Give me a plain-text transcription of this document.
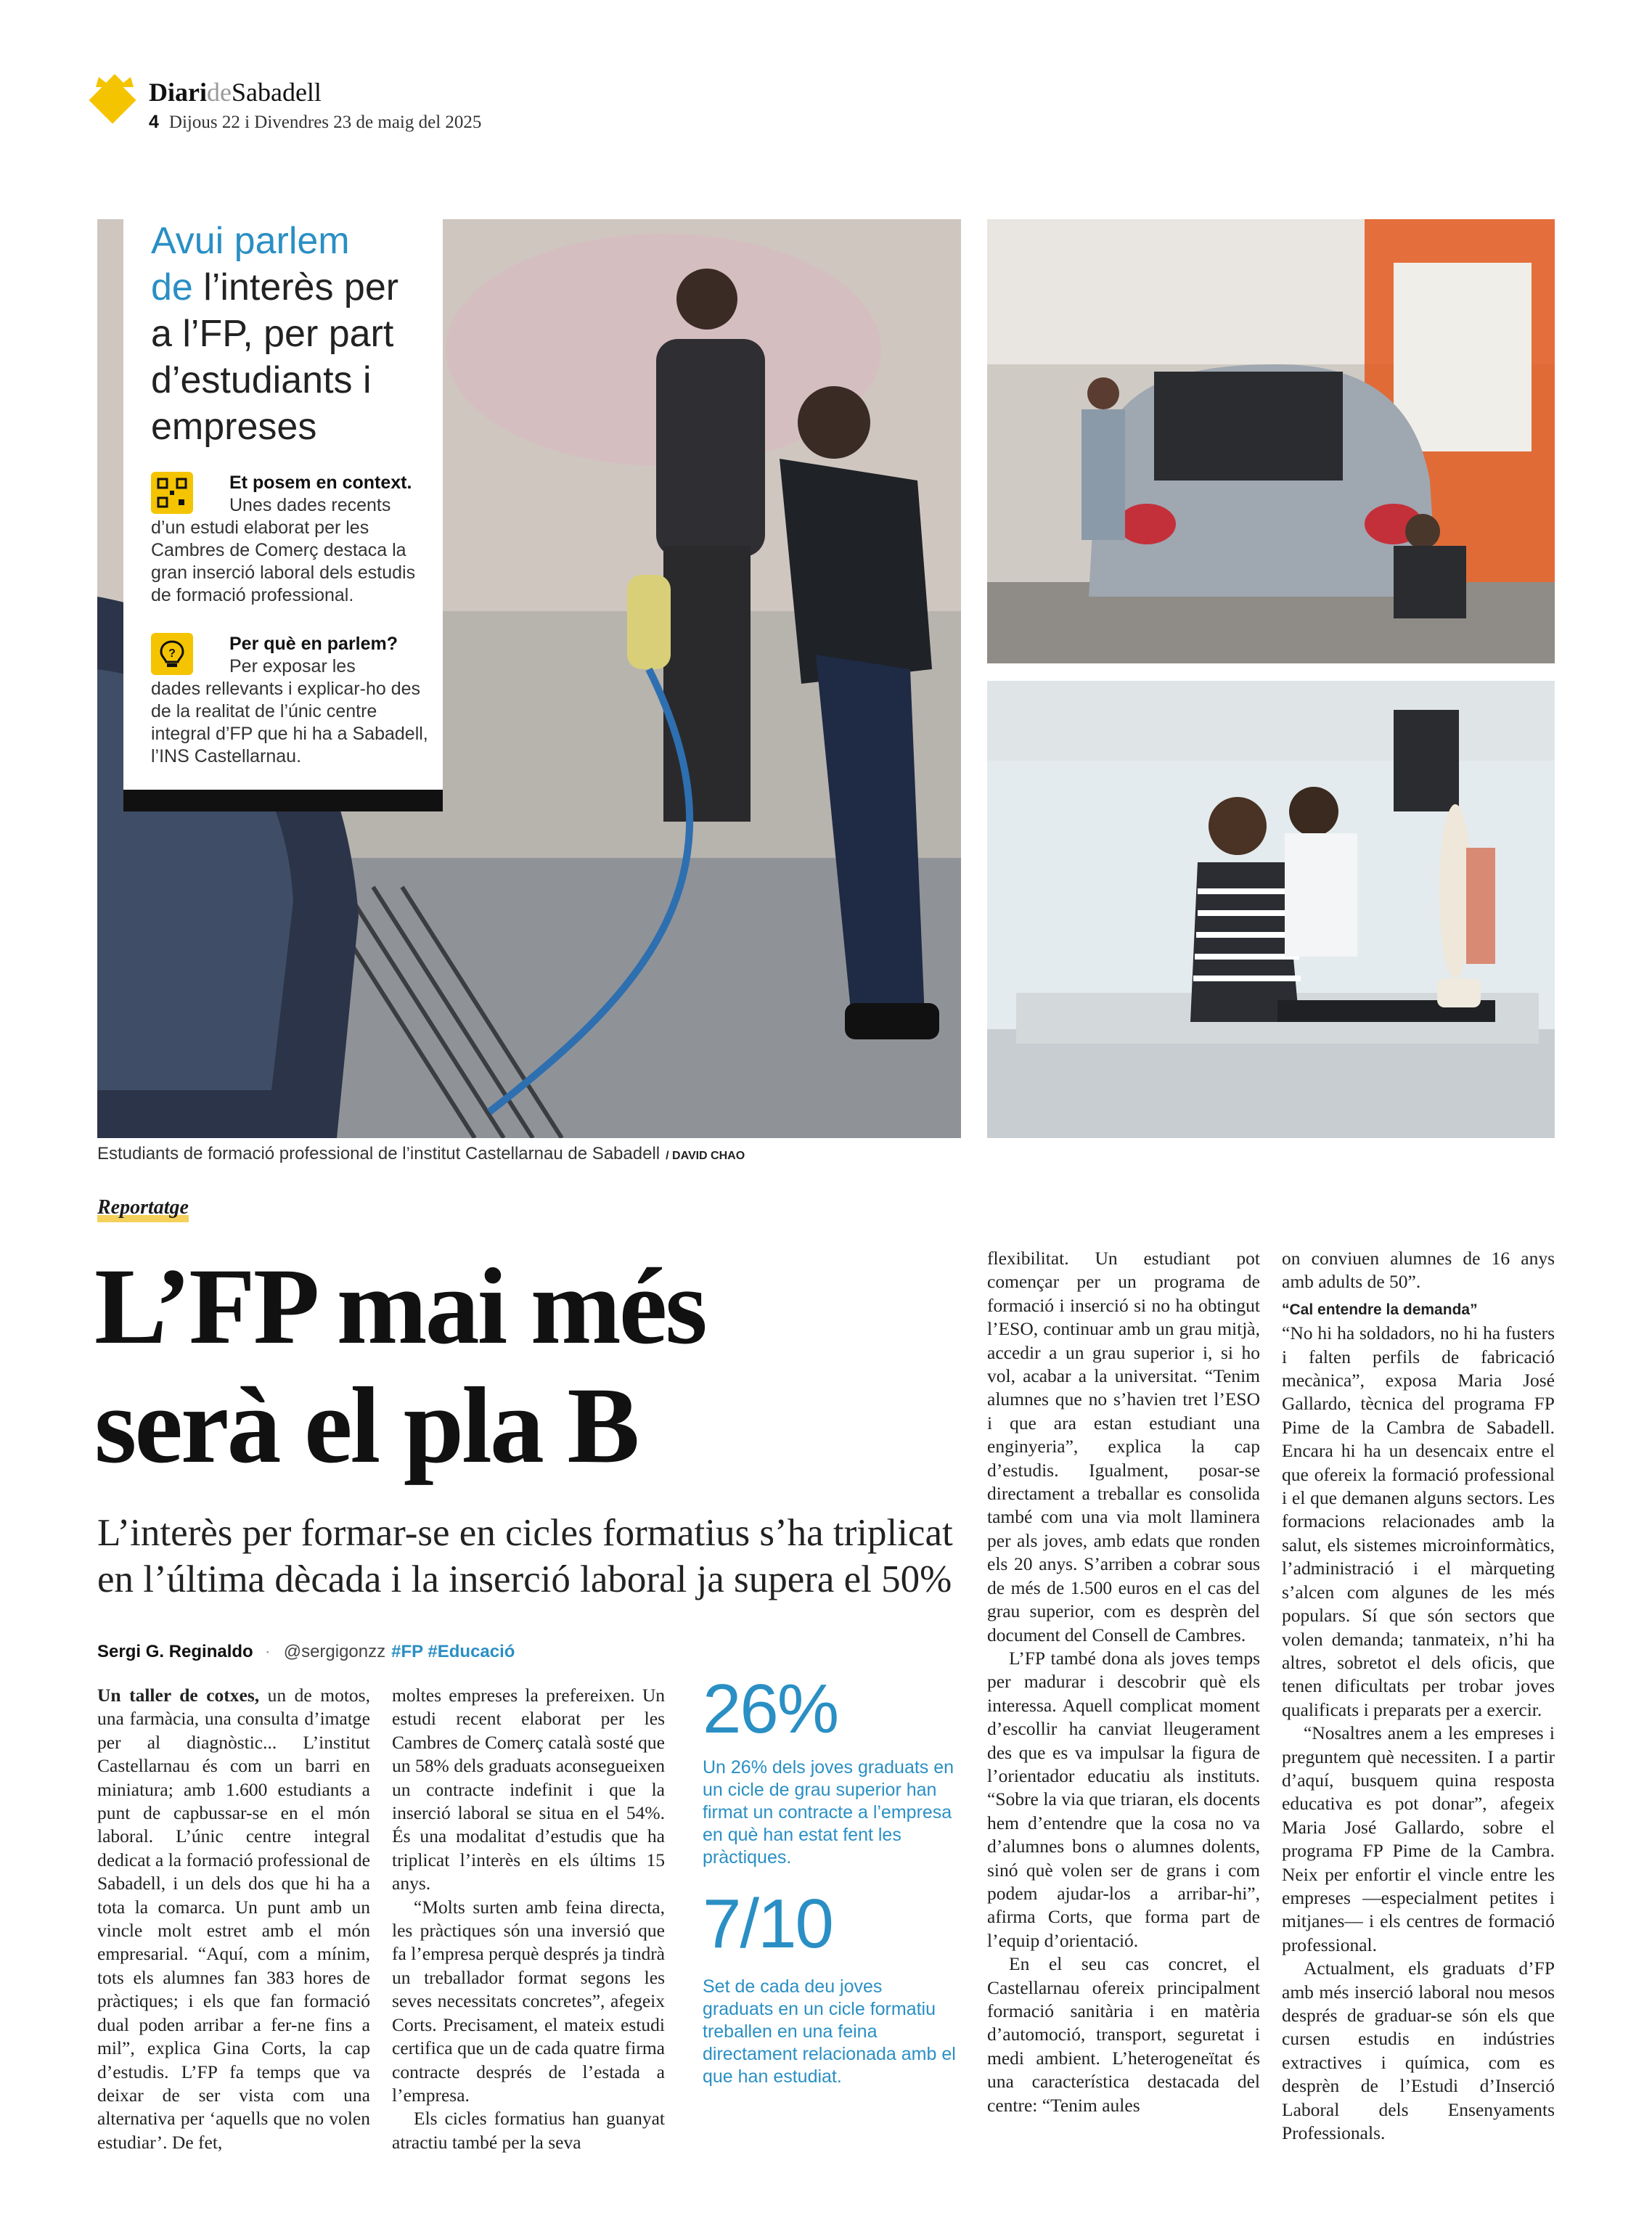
DiarideSabadell
4 Dijous 22 i Divendres 23 de maig del 2025
Avui parlem
de l’interès per
a l’FP, per part
d’estudiants i
empreses
Et posem en context.
Unes dades recents
d’un estudi elaborat per les Cambres de Comerç destaca la gran inserció laboral dels estudis de formació professional.
?	Per què en parlem?
Per exposar les
dades rellevants i explicar-ho des de la realitat de l’únic centre integral d’FP que hi ha a Sabadell, l’INS Castellarnau.
Estudiants de formació professional de l’institut Castellarnau de Sabadell / DAVID CHAO
Reportatge
L’FP mai més
serà el pla B
L’interès per formar-se en cicles formatius s’ha triplicat en l’última dècada i la inserció laboral ja supera el 50%
Sergi G. Reginaldo · @sergigonzz #FP #Educació

Un taller de cotxes, un de motos, una farmàcia, una consulta d’imatge per al diagnòstic... L’institut Castellarnau és com un barri en miniatura; amb 1.600 estudiants a punt de capbussar-se en el món laboral. L’únic centre integral dedicat a la formació professional de Sabadell, i un dels dos que hi ha a tota la comarca. Un punt amb un vincle molt estret amb el món empresarial. “Aquí, com a mínim, tots els alumnes fan 383 hores de pràctiques; i els que fan formació dual poden arribar a fer-ne fins a mil”, explica Gina Corts, la cap d’estudis. L’FP fa temps que va deixar de ser vista com una alternativa per ‘aquells que no volen estudiar’. De fet,

moltes empreses la prefereixen. Un estudi recent elaborat per les Cambres de Comerç català sosté que un 58% dels graduats aconsegueixen un contracte indefinit i que la inserció laboral se situa en el 54%. És una modalitat d’estudis que ha triplicat l’interès en els últims 15 anys.

“Molts surten amb feina directa, les pràctiques són una inversió que fa l’empresa perquè després ja tindrà un treballador format segons les seves necessitats concretes”, afegeix Corts. Precisament, el mateix estudi certifica que un de cada quatre firma contracte després de l’estada a l’empresa.

Els cicles formatius han guanyat atractiu també per la seva

26%
Un 26% dels joves graduats en un cicle de grau superior han firmat un contracte a l’empresa en què han estat fent les pràctiques.
7/10
Set de cada deu joves graduats en un cicle formatiu treballen en una feina directament relacionada amb el que han estudiat.

flexibilitat. Un estudiant pot començar per un programa de formació i inserció si no ha obtingut l’ESO, continuar amb un grau mitjà, accedir a un grau superior i, si ho vol, acabar a la universitat. “Tenim alumnes que no s’havien tret l’ESO i que ara estan estudiant una enginyeria”, explica la cap d’estudis. Igualment, posar-se directament a treballar es consolida també com una via molt llaminera per als joves, amb edats que ronden els 20 anys. S’arriben a cobrar sous de més de 1.500 euros en el cas del grau superior, com es desprèn del document del Consell de Cambres.

L’FP també dona als joves temps per madurar i descobrir què els interessa. Aquell complicat moment d’escollir ha canviat lleugerament des que es va impulsar la figura de l’orientador educatiu als instituts. “Sobre la via que triaran, els docents hem d’entendre que la cosa no va d’alumnes bons o alumnes dolents, sinó què volen ser de grans i com podem ajudar-los a arribar-hi”, afirma Corts, que forma part de l’equip d’orientació.

En el seu cas concret, el Castellarnau ofereix principalment formació sanitària i en matèria d’automoció, transport, seguretat i medi ambient. L’heterogeneïtat és una característica destacada del centre: “Tenim aules

on conviuen alumnes de 16 anys amb adults de 50”.

“Cal entendre la demanda”

“No hi ha soldadors, no hi ha fusters i falten perfils de fabricació mecànica”, exposa Maria José Gallardo, tècnica del programa FP Pime de la Cambra de Sabadell. Encara hi ha un desencaix entre el que ofereix la formació professional i el que demanen alguns sectors. Les formacions relacionades amb la salut, els sistemes microinformàtics, l’administració i el màrqueting s’alcen com algunes de les més populars. Sí que són sectors que volen demanda; tanmateix, n’hi ha altres, sobretot el dels oficis, que tenen dificultats per trobar joves qualificats i preparats per a exercir.

“Nosaltres anem a les empreses i preguntem què necessiten. I a partir d’aquí, busquem quina resposta educativa es pot donar”, afegeix Maria José Gallardo, sobre el programa FP Pime de la Cambra. Neix per enfortir el vincle entre les empreses —especialment petites i mitjanes— i els centres de formació professional.

Actualment, els graduats d’FP amb més inserció laboral nou mesos després de graduar-se són els que cursen estudis en indústries extractives i química, com es desprèn de l’Estudi d’Inserció Laboral dels Ensenyaments Professionals.
